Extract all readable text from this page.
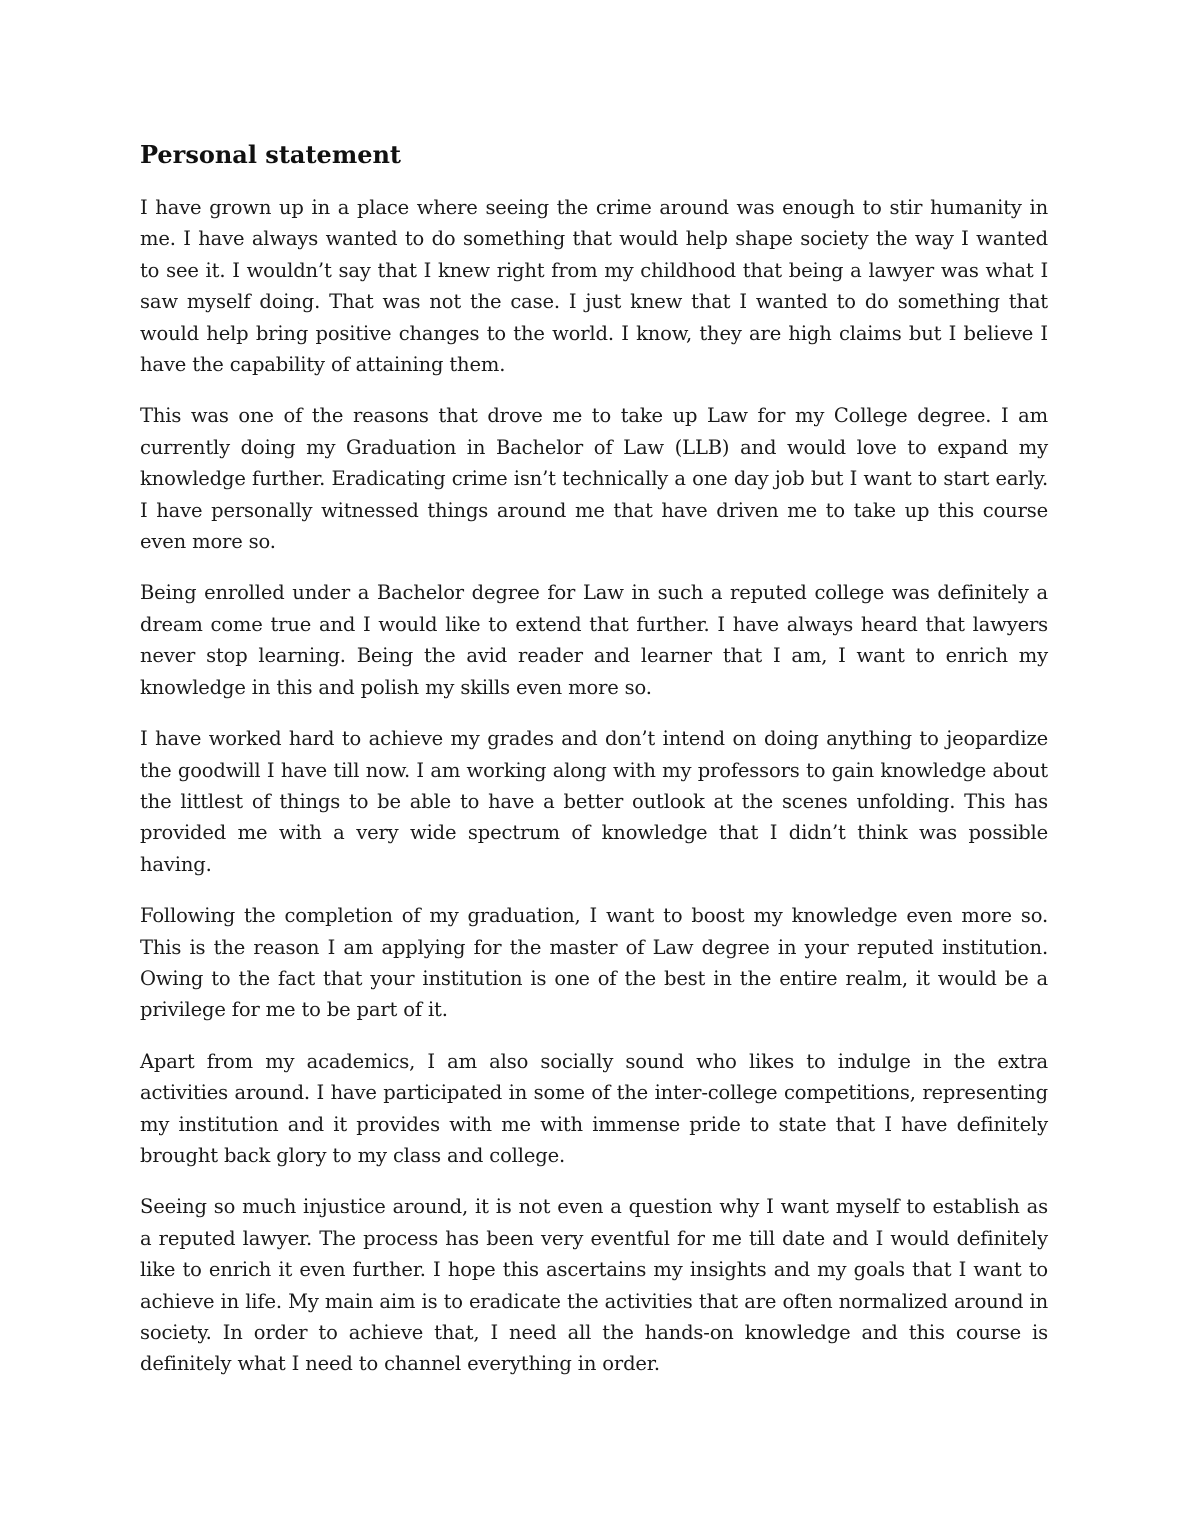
Personal statement

I have grown up in a place where seeing the crime around was enough to stir humanity in me. I have always wanted to do something that would help shape society the way I wanted to see it. I wouldn’t say that I knew right from my childhood that being a lawyer was what I saw myself doing. That was not the case. I just knew that I wanted to do something that would help bring positive changes to the world. I know, they are high claims but I believe I have the capability of attaining them.

This was one of the reasons that drove me to take up Law for my College degree. I am currently doing my Graduation in Bachelor of Law (LLB) and would love to expand my knowledge further. Eradicating crime isn’t technically a one day job but I want to start early. I have personally witnessed things around me that have driven me to take up this course even more so.

Being enrolled under a Bachelor degree for Law in such a reputed college was definitely a dream come true and I would like to extend that further. I have always heard that lawyers never stop learning. Being the avid reader and learner that I am, I want to enrich my knowledge in this and polish my skills even more so.

I have worked hard to achieve my grades and don’t intend on doing anything to jeopardize the goodwill I have till now. I am working along with my professors to gain knowledge about the littlest of things to be able to have a better outlook at the scenes unfolding. This has provided me with a very wide spectrum of knowledge that I didn’t think was possible having.

Following the completion of my graduation, I want to boost my knowledge even more so. This is the reason I am applying for the master of Law degree in your reputed institution. Owing to the fact that your institution is one of the best in the entire realm, it would be a privilege for me to be part of it.

Apart from my academics, I am also socially sound who likes to indulge in the extra activities around. I have participated in some of the inter-college competitions, representing my institution and it provides with me with immense pride to state that I have definitely brought back glory to my class and college.

Seeing so much injustice around, it is not even a question why I want myself to establish as a reputed lawyer. The process has been very eventful for me till date and I would definitely like to enrich it even further. I hope this ascertains my insights and my goals that I want to achieve in life. My main aim is to eradicate the activities that are often normalized around in society. In order to achieve that, I need all the hands-on knowledge and this course is definitely what I need to channel everything in order.
